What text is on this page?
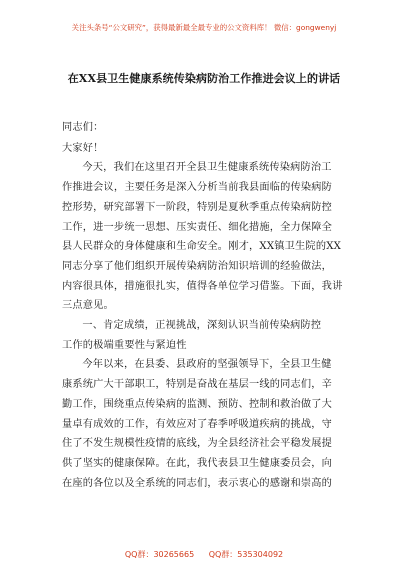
关注头条号“公文研究”，获得最新最全最专业的公文资料库！ 微信：gongwenyj
在XX县卫生健康系统传染病防治工作推进会议上的讲话

同志们：

大家好！

今天，我们在这里召开全县卫生健康系统传染病防治工
作推进会议，主要任务是深入分析当前我县面临的传染病防
控形势，研究部署下一阶段，特别是夏秋季重点传染病防控
工作，进一步统一思想、压实责任、细化措施，全力保障全
县人民群众的身体健康和生命安全。刚才，XX镇卫生院的XX
同志分享了他们组织开展传染病防治知识培训的经验做法，
内容很具体，措施很扎实，值得各单位学习借鉴。下面，我讲
三点意见。
一、肯定成绩，正视挑战，深刻认识当前传染病防控
工作的极端重要性与紧迫性
今年以来，在县委、县政府的坚强领导下，全县卫生健
康系统广大干部职工，特别是奋战在基层一线的同志们，辛
勤工作，围绕重点传染病的监测、预防、控制和救治做了大
量卓有成效的工作，有效应对了春季呼吸道疾病的挑战，守
住了不发生规模性疫情的底线，为全县经济社会平稳发展提
供了坚实的健康保障。在此，我代表县卫生健康委员会，向
在座的各位以及全系统的同志们，表示衷心的感谢和崇高的
QQ群：30265665 QQ群：535304092
